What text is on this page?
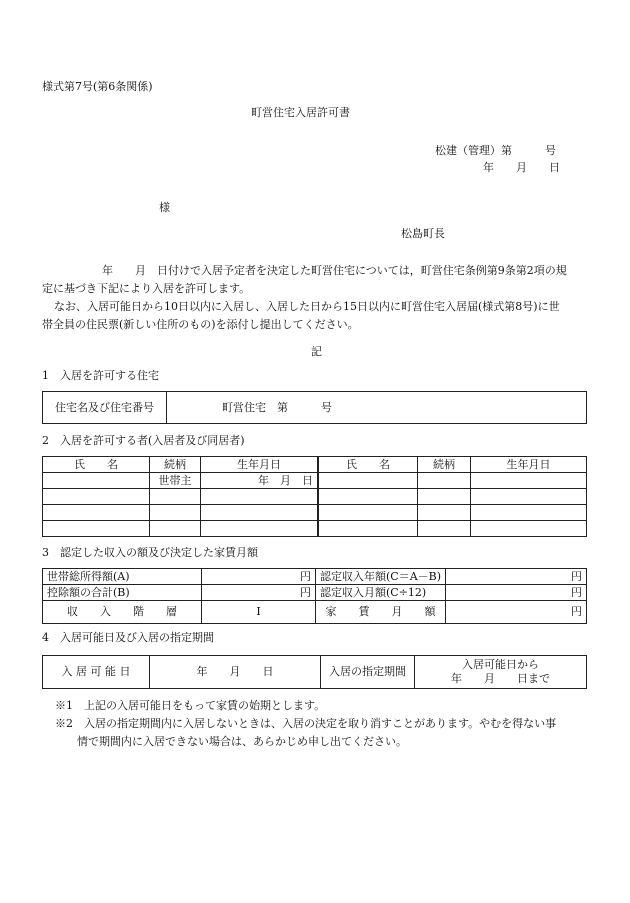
様式第7号(第6条関係)
町営住宅入居許可書
松建（管理）第　　　号
年　　月　　日
様
松島町長
年　　月　日付けで入居予定者を決定した町営住宅については，町営住宅条例第9条第2項の規
定に基づき下記により入居を許可します。
なお、入居可能日から10日以内に入居し、入居した日から15日以内に町営住宅入居届(様式第8号)に世
帯全員の住民票(新しい住所のもの)を添付し提出してください。
記
1　入居を許可する住宅
住宅名及び住宅番号	町営住宅　第　　　号
2　入居を許可する者(入居者及び同居者)
氏　　名	続柄	生年月日	氏　　名	続柄	生年月日
	世帯主	年　月　日			

3　認定した収入の額及び決定した家賃月額
世帯総所得額(A)	円	認定収入年額(C＝A－B)	円
控除額の合計(B)	円	認定収入月額(C÷12)	円
収　　入　　階　　層	Ⅰ	家　　賃　　月　　額	円
4　入居可能日及び入居の指定期間
入 居 可 能 日	年　　月　　日	入居の指定期間	
入居可能日から
年　　月　　日まで
※1　上記の入居可能日をもって家賃の始期とします。
※2　入居の指定期間内に入居しないときは、入居の決定を取り消すことがあります。やむを得ない事
情で期間内に入居できない場合は、あらかじめ申し出てください。
